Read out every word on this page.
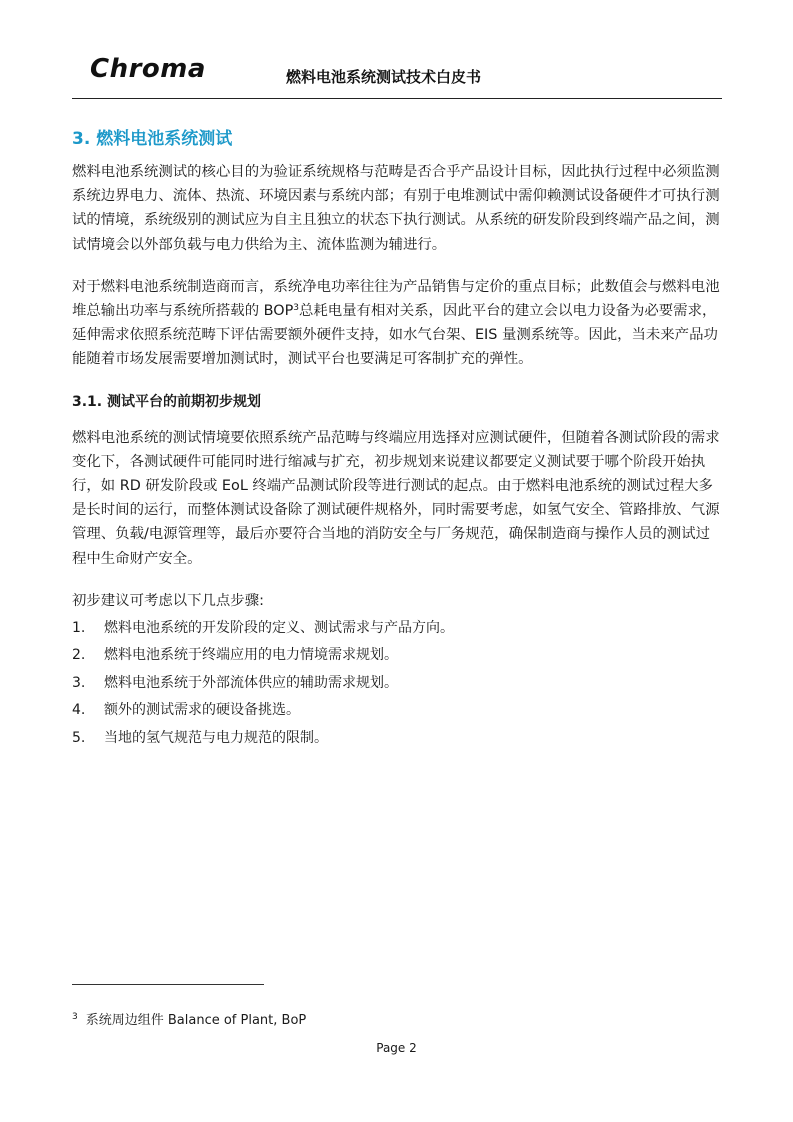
Chroma	燃料电池系统测试技术白皮书
3. 燃料电池系统测试

燃料电池系统测试的核心目的为验证系统规格与范畴是否合乎产品设计目标，因此执行过程中必须监测系统边界电力、流体、热流、环境因素与系统内部；有别于电堆测试中需仰赖测试设备硬件才可执行测试的情境，系统级别的测试应为自主且独立的状态下执行测试。从系统的研发阶段到终端产品之间，测试情境会以外部负载与电力供给为主、流体监测为辅进行。

对于燃料电池系统制造商而言，系统净电功率往往为产品销售与定价的重点目标；此数值会与燃料电池堆总输出功率与系统所搭载的 BOP$^3$总耗电量有相对关系，因此平台的建立会以电力设备为必要需求，延伸需求依照系统范畴下评估需要额外硬件支持，如水气台架、EIS 量测系统等。因此，当未来产品功能随着市场发展需要增加测试时，测试平台也要满足可客制扩充的弹性。

3.1. 测试平台的前期初步规划

燃料电池系统的测试情境要依照系统产品范畴与终端应用选择对应测试硬件，但随着各测试阶段的需求变化下，各测试硬件可能同时进行缩减与扩充，初步规划来说建议都要定义测试要于哪个阶段开始执行，如 RD 研发阶段或 EoL 终端产品测试阶段等进行测试的起点。由于燃料电池系统的测试过程大多是长时间的运行，而整体测试设备除了测试硬件规格外，同时需要考虑，如氢气安全、管路排放、气源管理、负载/电源管理等，最后亦要符合当地的消防安全与厂务规范，确保制造商与操作人员的测试过程中生命财产安全。

初步建议可考虑以下几点步骤:

1.	燃料电池系统的开发阶段的定义、测试需求与产品方向。
2.	燃料电池系统于终端应用的电力情境需求规划。
3.	燃料电池系统于外部流体供应的辅助需求规划。
4.	额外的测试需求的硬设备挑选。
5.	当地的氢气规范与电力规范的限制。
$^3$ 系统周边组件 Balance of Plant, BoP
Page 2
